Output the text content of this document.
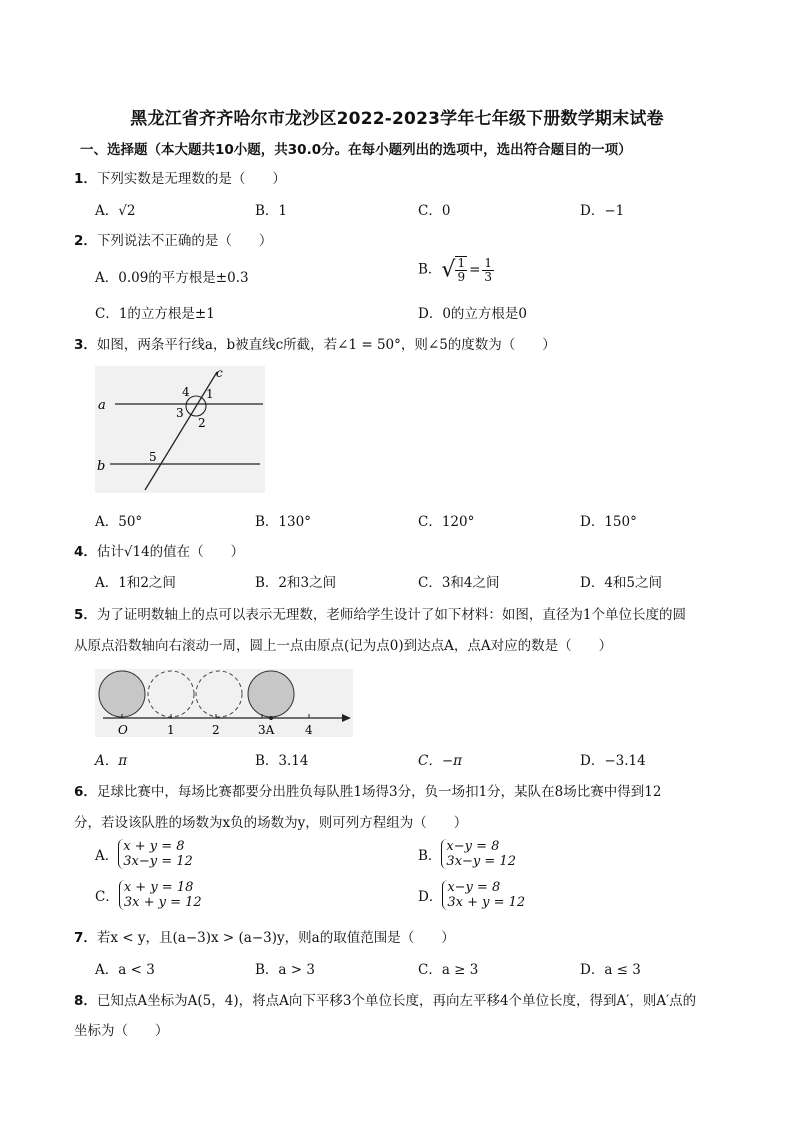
黑龙江省齐齐哈尔市龙沙区2022-2023学年七年级下册数学期末试卷
一、选择题（本大题共10小题，共30.0分。在每小题列出的选项中，选出符合题目的一项）
1．下列实数是无理数的是（　　）
A．√2	B．1	C．0	D．−1
2．下列说法不正确的是（　　）
A．0.09的平方根是±0.3
B．√ $\frac{1}{9} = \frac{1}{3}$
C．1的立方根是±1	D．0的立方根是0
3．如图，两条平行线a，b被直线c所截，若∠1 = 50°，则∠5的度数为（　　）
a
b
c
1
2
3
4
5
A．50°	B．130°	C．120°	D．150°
4．估计√14的值在（　　）
A．1和2之间	B．2和3之间	C．3和4之间	D．4和5之间
5．为了证明数轴上的点可以表示无理数，老师给学生设计了如下材料：如图，直径为1个单位长度的圆
从原点沿数轴向右滚动一周，圆上一点由原点(记为点0)到达点A，点A对应的数是（　　）
O	1	2	3A	4
A．π	B．3.14	C．−π	D．−3.14
6．足球比赛中，每场比赛都要分出胜负每队胜1场得3分，负一场扣1分，某队在8场比赛中得到12
分，若设该队胜的场数为x负的场数为y，则可列方程组为（　　）
A．
x + y = 8
3x−y = 12	B．
x−y = 8
3x−y = 12
C．
x + y = 18
3x + y = 12	D．
x−y = 8
3x + y = 12
7．若x < y，且(a−3)x > (a−3)y，则a的取值范围是（　　）
A．a < 3	B．a > 3	C．a ≥ 3	D．a ≤ 3
8．已知点A坐标为A(5，4)，将点A向下平移3个单位长度，再向左平移4个单位长度，得到A′，则A′点的
坐标为（　　）
